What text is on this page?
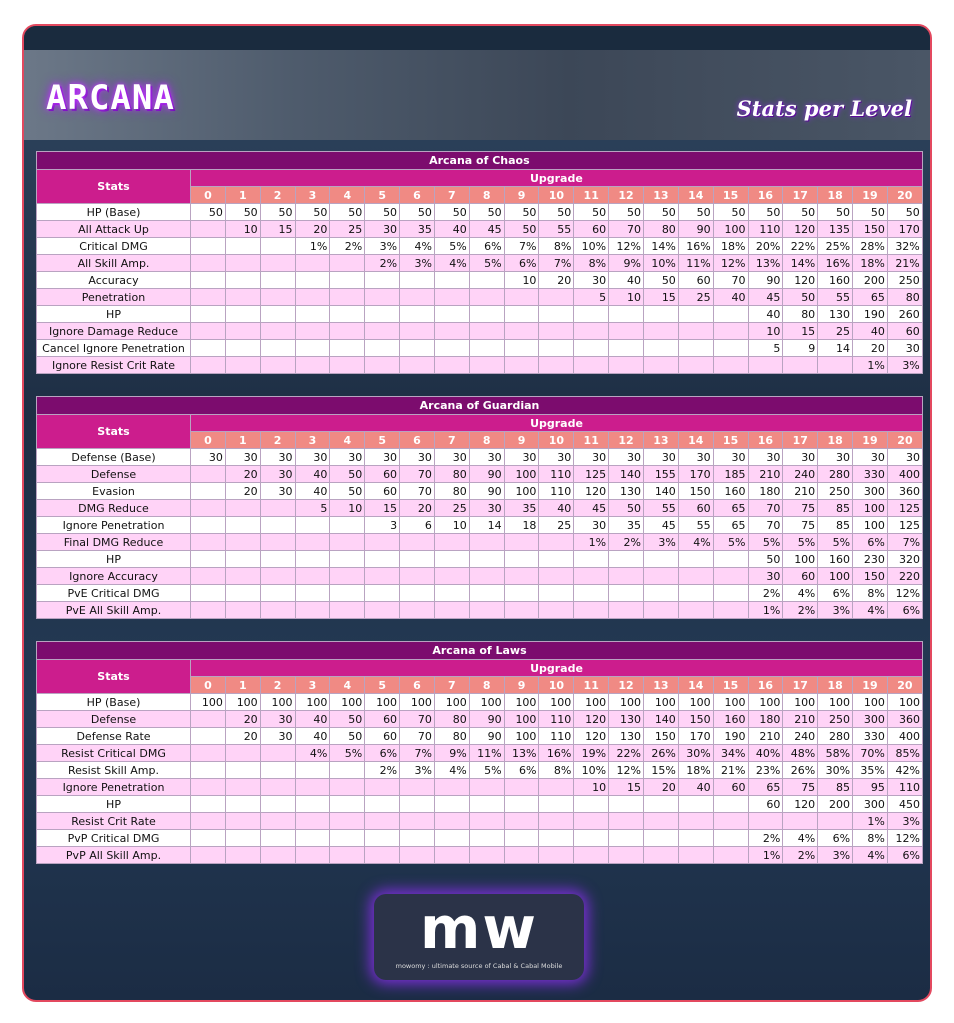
ARCANA	Stats per Level
Arcana of Chaos																					
Stats	Upgrade																				
	0	1	2	3	4	5	6	7	8	9	10	11	12	13	14	15	16	17	18	19	20
HP (Base)	50	50	50	50	50	50	50	50	50	50	50	50	50	50	50	50	50	50	50	50	50
All Attack Up		10	15	20	25	30	35	40	45	50	55	60	70	80	90	100	110	120	135	150	170
Critical DMG				1%	2%	3%	4%	5%	6%	7%	8%	10%	12%	14%	16%	18%	20%	22%	25%	28%	32%
All Skill Amp.						2%	3%	4%	5%	6%	7%	8%	9%	10%	11%	12%	13%	14%	16%	18%	21%
Accuracy										10	20	30	40	50	60	70	90	120	160	200	250
Penetration												5	10	15	25	40	45	50	55	65	80
HP																	40	80	130	190	260
Ignore Damage Reduce																	10	15	25	40	60
Cancel Ignore Penetration																	5	9	14	20	30
Ignore Resist Crit Rate																				1%	3%
Arcana of Guardian																					
Stats	Upgrade																				
	0	1	2	3	4	5	6	7	8	9	10	11	12	13	14	15	16	17	18	19	20
Defense (Base)	30	30	30	30	30	30	30	30	30	30	30	30	30	30	30	30	30	30	30	30	30
Defense		20	30	40	50	60	70	80	90	100	110	125	140	155	170	185	210	240	280	330	400
Evasion		20	30	40	50	60	70	80	90	100	110	120	130	140	150	160	180	210	250	300	360
DMG Reduce				5	10	15	20	25	30	35	40	45	50	55	60	65	70	75	85	100	125
Ignore Penetration						3	6	10	14	18	25	30	35	45	55	65	70	75	85	100	125
Final DMG Reduce												1%	2%	3%	4%	5%	5%	5%	5%	6%	7%
HP																	50	100	160	230	320
Ignore Accuracy																	30	60	100	150	220
PvE Critical DMG																	2%	4%	6%	8%	12%
PvE All Skill Amp.																	1%	2%	3%	4%	6%
Arcana of Laws																					
Stats	Upgrade																				
	0	1	2	3	4	5	6	7	8	9	10	11	12	13	14	15	16	17	18	19	20
HP (Base)	100	100	100	100	100	100	100	100	100	100	100	100	100	100	100	100	100	100	100	100	100
Defense		20	30	40	50	60	70	80	90	100	110	120	130	140	150	160	180	210	250	300	360
Defense Rate		20	30	40	50	60	70	80	90	100	110	120	130	150	170	190	210	240	280	330	400
Resist Critical DMG				4%	5%	6%	7%	9%	11%	13%	16%	19%	22%	26%	30%	34%	40%	48%	58%	70%	85%
Resist Skill Amp.						2%	3%	4%	5%	6%	8%	10%	12%	15%	18%	21%	23%	26%	30%	35%	42%
Ignore Penetration												10	15	20	40	60	65	75	85	95	110
HP																	60	120	200	300	450
Resist Crit Rate																				1%	3%
PvP Critical DMG																	2%	4%	6%	8%	12%
PvP All Skill Amp.																	1%	2%	3%	4%	6%
mw
mowomy : ultimate source of Cabal & Cabal Mobile
